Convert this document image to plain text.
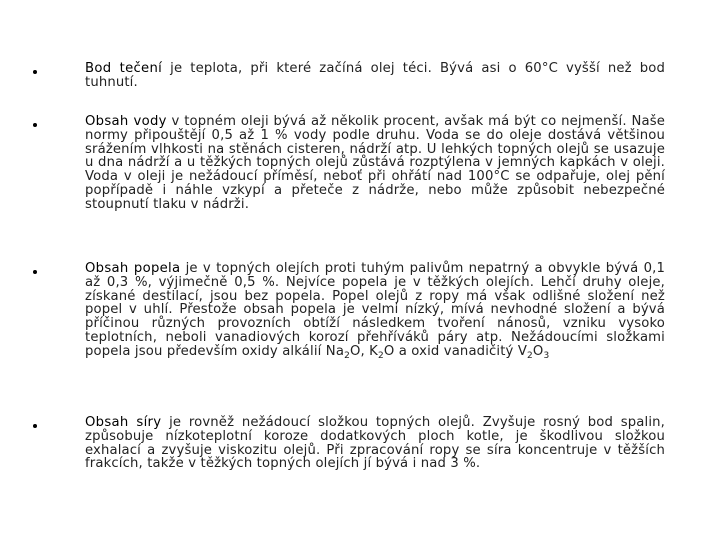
Bod tečení je teplota, při které začíná olej téci. Bývá asi o 60°C vyšší než bod tuhnutí.

Obsah vody v topném oleji bývá až několik procent, avšak má být co nejmenší. Naše normy připouštějí 0,5 až 1 % vody podle druhu. Voda se do oleje dostává většinou srážením vlhkosti na stěnách cisteren, nádrží atp. U lehkých topných olejů se usazuje u dna nádrží a u těžkých topných olejů zůstává rozptýlena v jemných kapkách v oleji. Voda v oleji je nežádoucí příměsí, neboť při ohřátí nad 100°C se odpařuje, olej pění popřípadě i náhle vzkypí a přeteče z nádrže, nebo může způsobit nebezpečné stoupnutí tlaku v nádrži.

Obsah popela je v topných olejích proti tuhým palivům nepatrný a obvykle bývá 0,1 až 0,3 %, výjimečně 0,5 %. Nejvíce popela je v těžkých olejích. Lehčí druhy oleje, získané destilací, jsou bez popela. Popel olejů z ropy má však odlišné složení než popel v uhlí. Přestože obsah popela je velmi nízký, mívá nevhodné složení a bývá příčinou různých provozních obtíží následkem tvoření nánosů, vzniku vysoko teplotních, neboli vanadiových korozí přehříváků páry atp. Nežádoucími složkami popela jsou především oxidy alkálií $Na_2O$, $K_2O$ a oxid vanadičitý $V_2O_3$

Obsah síry je rovněž nežádoucí složkou topných olejů. Zvyšuje rosný bod spalin, způsobuje nízkoteplotní koroze dodatkových ploch kotle, je škodlivou složkou exhalací a zvyšuje viskozitu olejů. Při zpracování ropy se síra koncentruje v těžších frakcích, takže v těžkých topných olejích jí bývá i nad 3 %.
